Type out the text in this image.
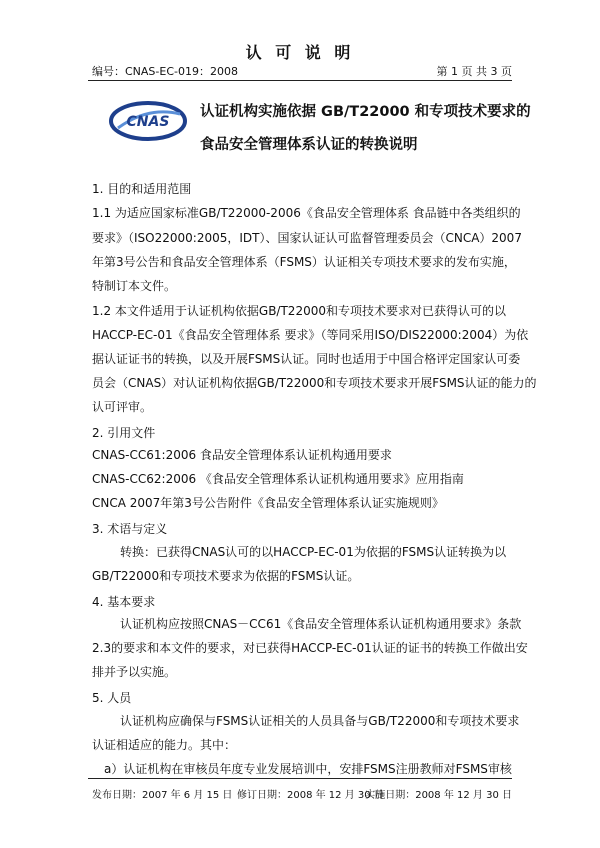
认 可 说 明
编号：CNAS-EC-019：2008	第 1 页 共 3 页
CNAS
认证机构实施依据 GB/T22000 和专项技术要求的
食品安全管理体系认证的转换说明
1. 目的和适用范围
1.1 为适应国家标准GB/T22000-2006《食品安全管理体系 食品链中各类组织的
要求》（ISO22000:2005，IDT）、国家认证认可监督管理委员会（CNCA）2007
年第3号公告和食品安全管理体系（FSMS）认证相关专项技术要求的发布实施，
特制订本文件。
1.2 本文件适用于认证机构依据GB/T22000和专项技术要求对已获得认可的以
HACCP-EC-01《食品安全管理体系 要求》（等同采用ISO/DIS22000:2004）为依
据认证证书的转换，以及开展FSMS认证。同时也适用于中国合格评定国家认可委
员会（CNAS）对认证机构依据GB/T22000和专项技术要求开展FSMS认证的能力的
认可评审。
2. 引用文件
CNAS-CC61:2006 食品安全管理体系认证机构通用要求
CNAS-CC62:2006 《食品安全管理体系认证机构通用要求》应用指南
CNCA 2007年第3号公告附件《食品安全管理体系认证实施规则》
3. 术语与定义
转换：已获得CNAS认可的以HACCP-EC-01为依据的FSMS认证转换为以
GB/T22000和专项技术要求为依据的FSMS认证。
4. 基本要求
认证机构应按照CNAS－CC61《食品安全管理体系认证机构通用要求》条款
2.3的要求和本文件的要求，对已获得HACCP-EC-01认证的证书的转换工作做出安
排并予以实施。
5. 人员
认证机构应确保与FSMS认证相关的人员具备与GB/T22000和专项技术要求
认证相适应的能力。其中：
a）认证机构在审核员年度专业发展培训中，安排FSMS注册教师对FSMS审核
发布日期：2007 年 6 月 15 日 修订日期：2008 年 12 月 30 日
实施日期：2008 年 12 月 30 日
